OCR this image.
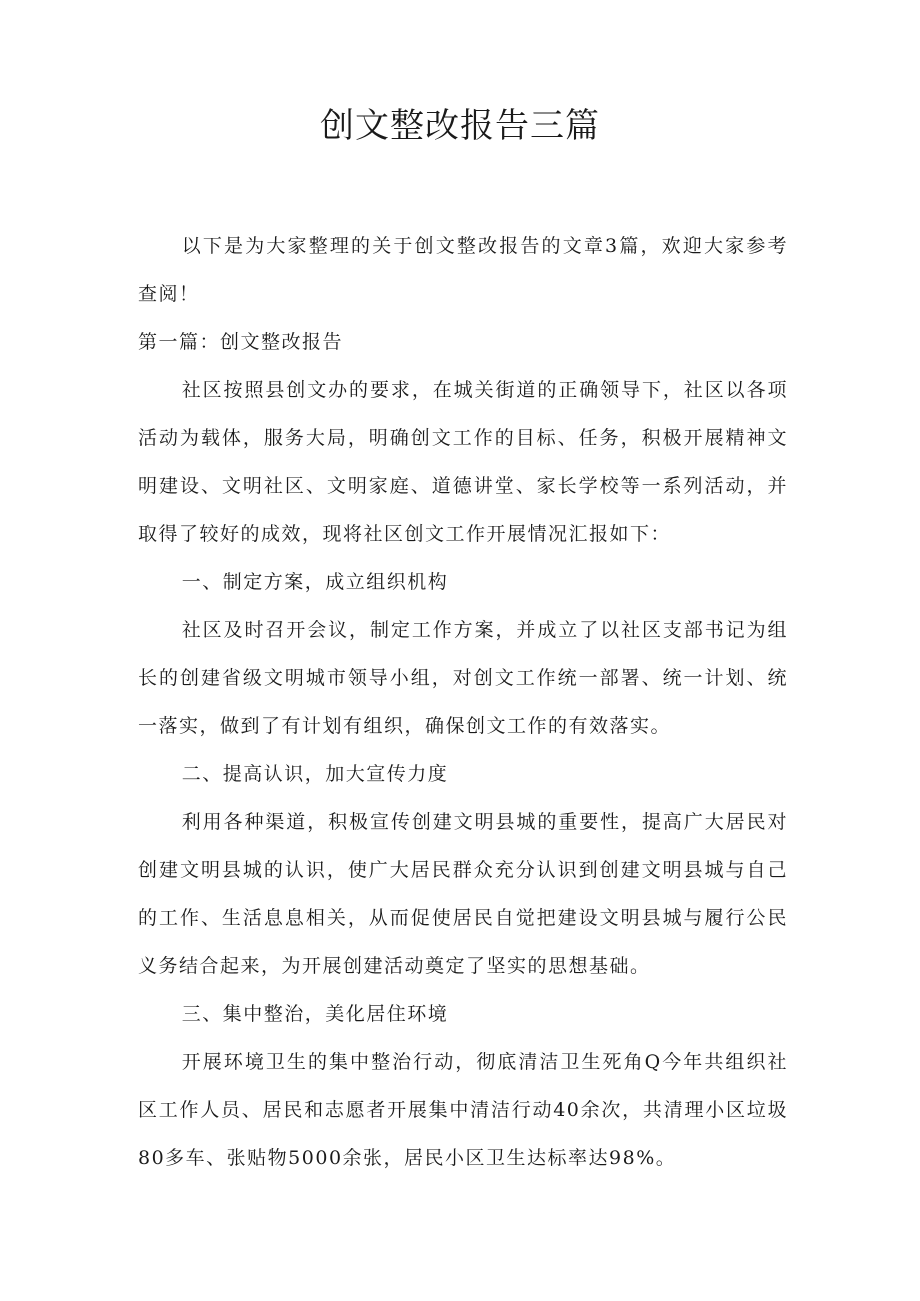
创文整改报告三篇

以下是为大家整理的关于创文整改报告的文章3篇，欢迎大家参考查阅！

第一篇：创文整改报告

社区按照县创文办的要求，在城关街道的正确领导下，社区以各项活动为载体，服务大局，明确创文工作的目标、任务，积极开展精神文明建设、文明社区、文明家庭、道德讲堂、家长学校等一系列活动，并取得了较好的成效，现将社区创文工作开展情况汇报如下：

一、制定方案，成立组织机构

社区及时召开会议，制定工作方案，并成立了以社区支部书记为组长的创建省级文明城市领导小组，对创文工作统一部署、统一计划、统一落实，做到了有计划有组织，确保创文工作的有效落实。

二、提高认识，加大宣传力度

利用各种渠道，积极宣传创建文明县城的重要性，提高广大居民对创建文明县城的认识，使广大居民群众充分认识到创建文明县城与自己的工作、生活息息相关，从而促使居民自觉把建设文明县城与履行公民义务结合起来，为开展创建活动奠定了坚实的思想基础。

三、集中整治，美化居住环境

开展环境卫生的集中整治行动，彻底清洁卫生死角Q今年共组织社区工作人员、居民和志愿者开展集中清洁行动40余次，共清理小区垃圾80多车、张贴物5000余张，居民小区卫生达标率达98%。
